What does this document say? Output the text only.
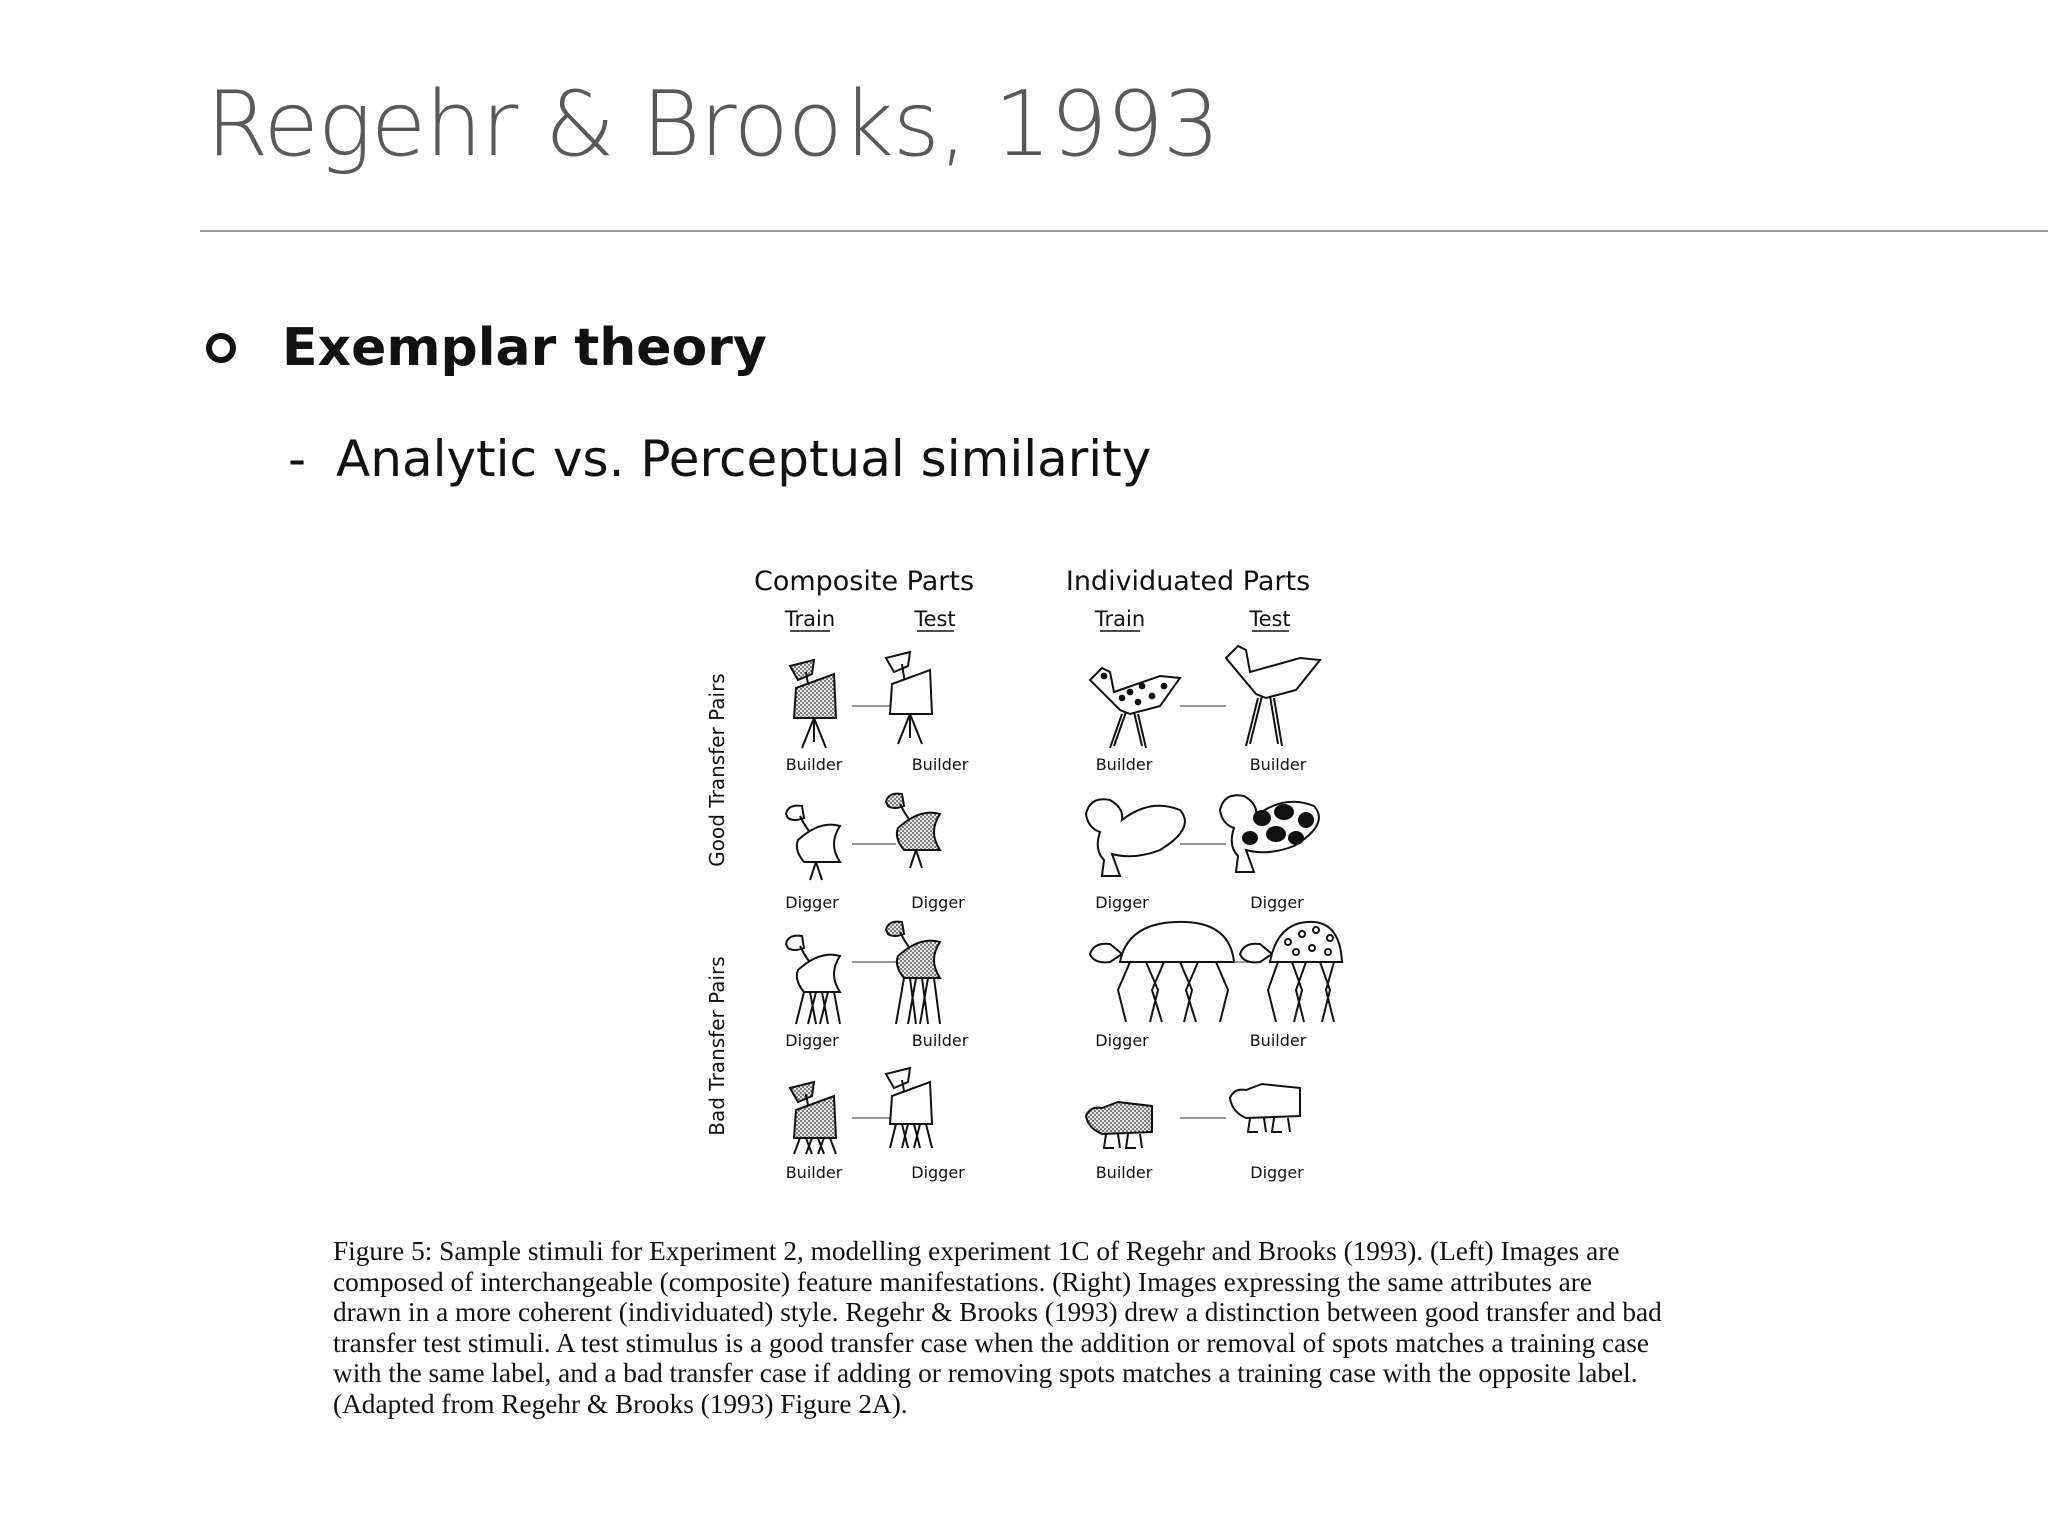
Regehr & Brooks, 1993
Exemplar theory
- Analytic vs. Perceptual similarity
Composite Parts	Individuated Parts
Train	Test	Train	Test
Good Transfer Pairs
Bad Transfer Pairs
Builder	Builder	Builder	Builder
Digger	Digger	Digger	Digger
Digger	Builder	Digger	Builder
Builder	Digger	Builder	Digger
Figure 5: Sample stimuli for Experiment 2, modelling experiment 1C of Regehr and Brooks (1993). (Left) Images are
composed of interchangeable (composite) feature manifestations. (Right) Images expressing the same attributes are
drawn in a more coherent (individuated) style. Regehr & Brooks (1993) drew a distinction between good transfer and bad
transfer test stimuli. A test stimulus is a good transfer case when the addition or removal of spots matches a training case
with the same label, and a bad transfer case if adding or removing spots matches a training case with the opposite label.
(Adapted from Regehr & Brooks (1993) Figure 2A).
